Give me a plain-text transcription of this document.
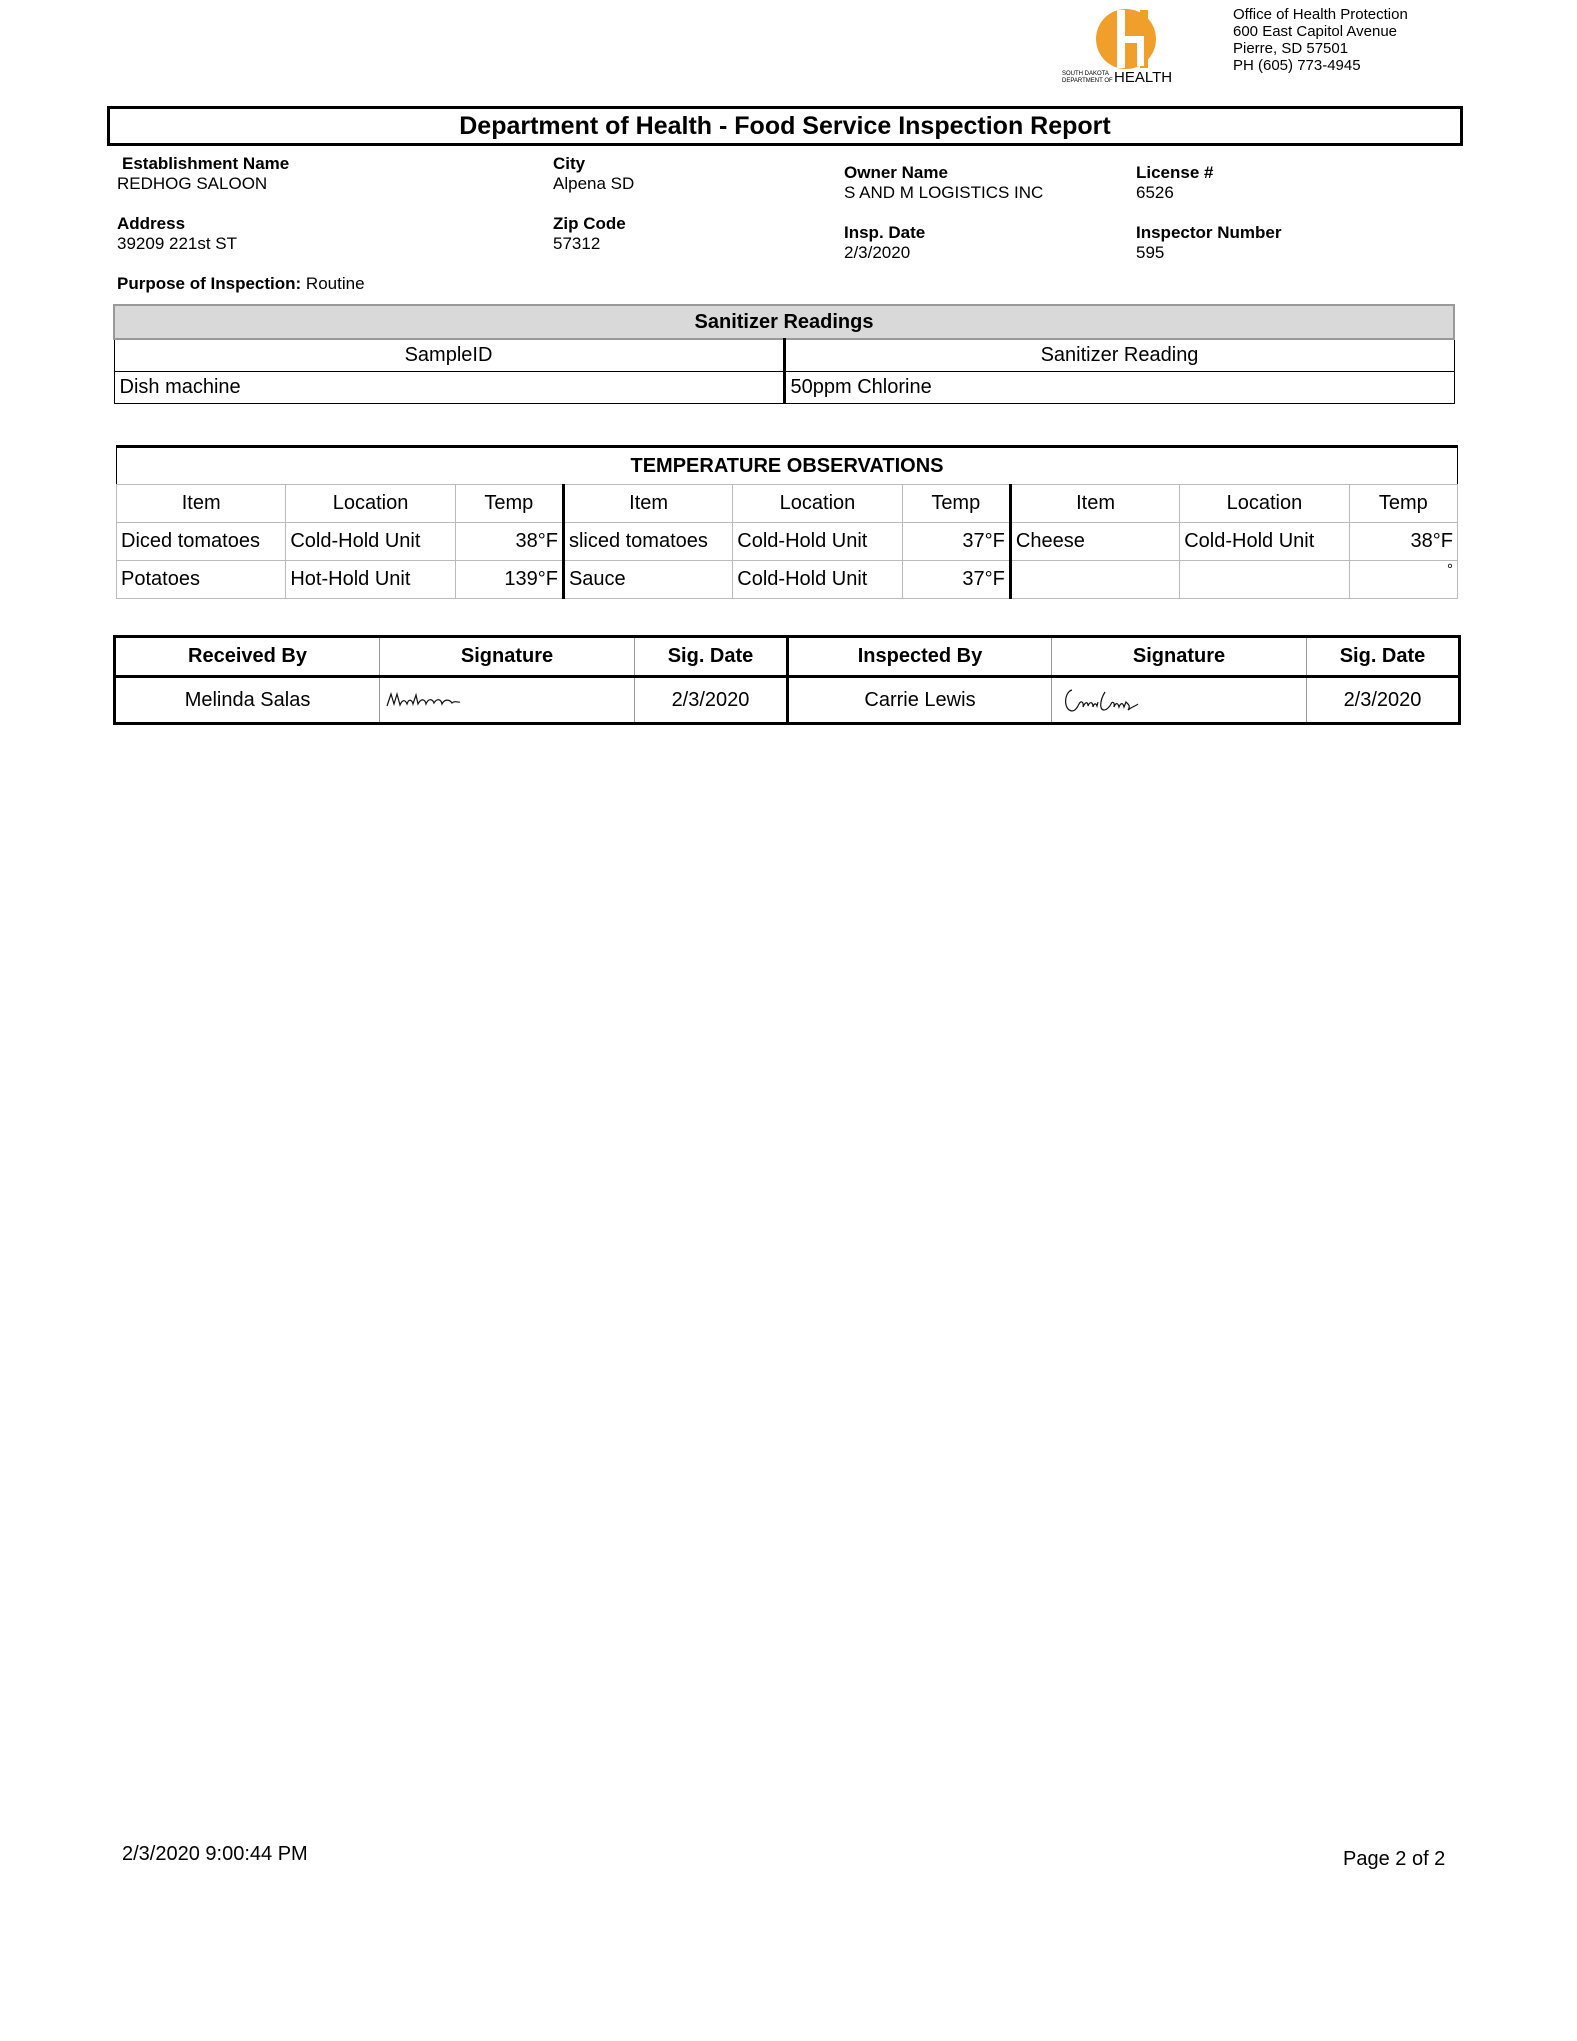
SOUTH DAKOTA
DEPARTMENT OF HEALTH
Office of Health Protection
600 East Capitol Avenue
Pierre, SD 57501
PH (605) 773-4945
Department of Health - Food Service Inspection Report
Establishment Name
REDHOG SALOON
City
Alpena SD
Owner Name
S AND M LOGISTICS INC
License #
6526
Address
39209 221st ST
Zip Code
57312
Insp. Date
2/3/2020
Inspector Number
595
Purpose of Inspection: Routine
Sanitizer Readings	
SampleID	Sanitizer Reading
Dish machine	50ppm Chlorine
TEMPERATURE OBSERVATIONS								
Item	Location	Temp	Item	Location	Temp	Item	Location	Temp
Diced tomatoes	Cold-Hold Unit	38°F	sliced tomatoes	Cold-Hold Unit	37°F	Cheese	Cold-Hold Unit	38°F
Potatoes	Hot-Hold Unit	139°F	Sauce	Cold-Hold Unit	37°F			°
Received By	Signature	Sig. Date	Inspected By	Signature	Sig. Date
Melinda Salas		2/3/2020	Carrie Lewis		2/3/2020
2/3/2020 9:00:44 PM	Page 2 of 2
